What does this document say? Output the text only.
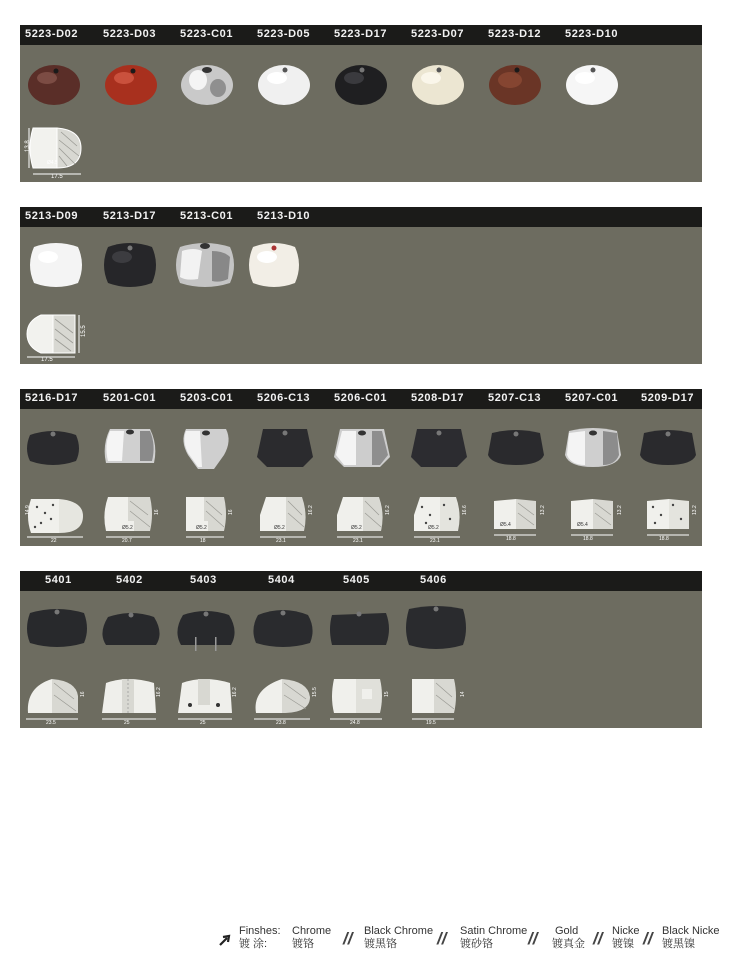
5223-D02 5223-D03 5223-C01 5223-D05 5223-D17 5223-D07 5223-D12 5223-D10
13.8
Ø4.5
17.5
5213-D09 5213-D17 5213-C01 5213-D10
15.5
17.5
5216-D17 5201-C01 5203-C01 5206-C13 5206-C01 5208-D17 5207-C13 5207-C01 5209-D17
14.9
22
Ø5.2
16
20.7
Ø5.2
16
18
Ø5.2
16.2
23.1
Ø5.2
16.2
23.1
Ø5.2
16.6
23.1
Ø5.4
13.2
18.8
Ø5.4
13.2
18.8
13.2
18.8
5401	5402	5403	5404	5405	5406
16
23.5
16.2
25
16.2
25
15.5
23.8
15
24.8
14
19.5
Finshes:
镀 涂:
Chrome
镀铬	// Black Chrome
镀黑铬	// Satin Chrome
镀砂铬	// Gold
镀真金 // Nicke
镀镍 // Black Nicke
镀黑镍
